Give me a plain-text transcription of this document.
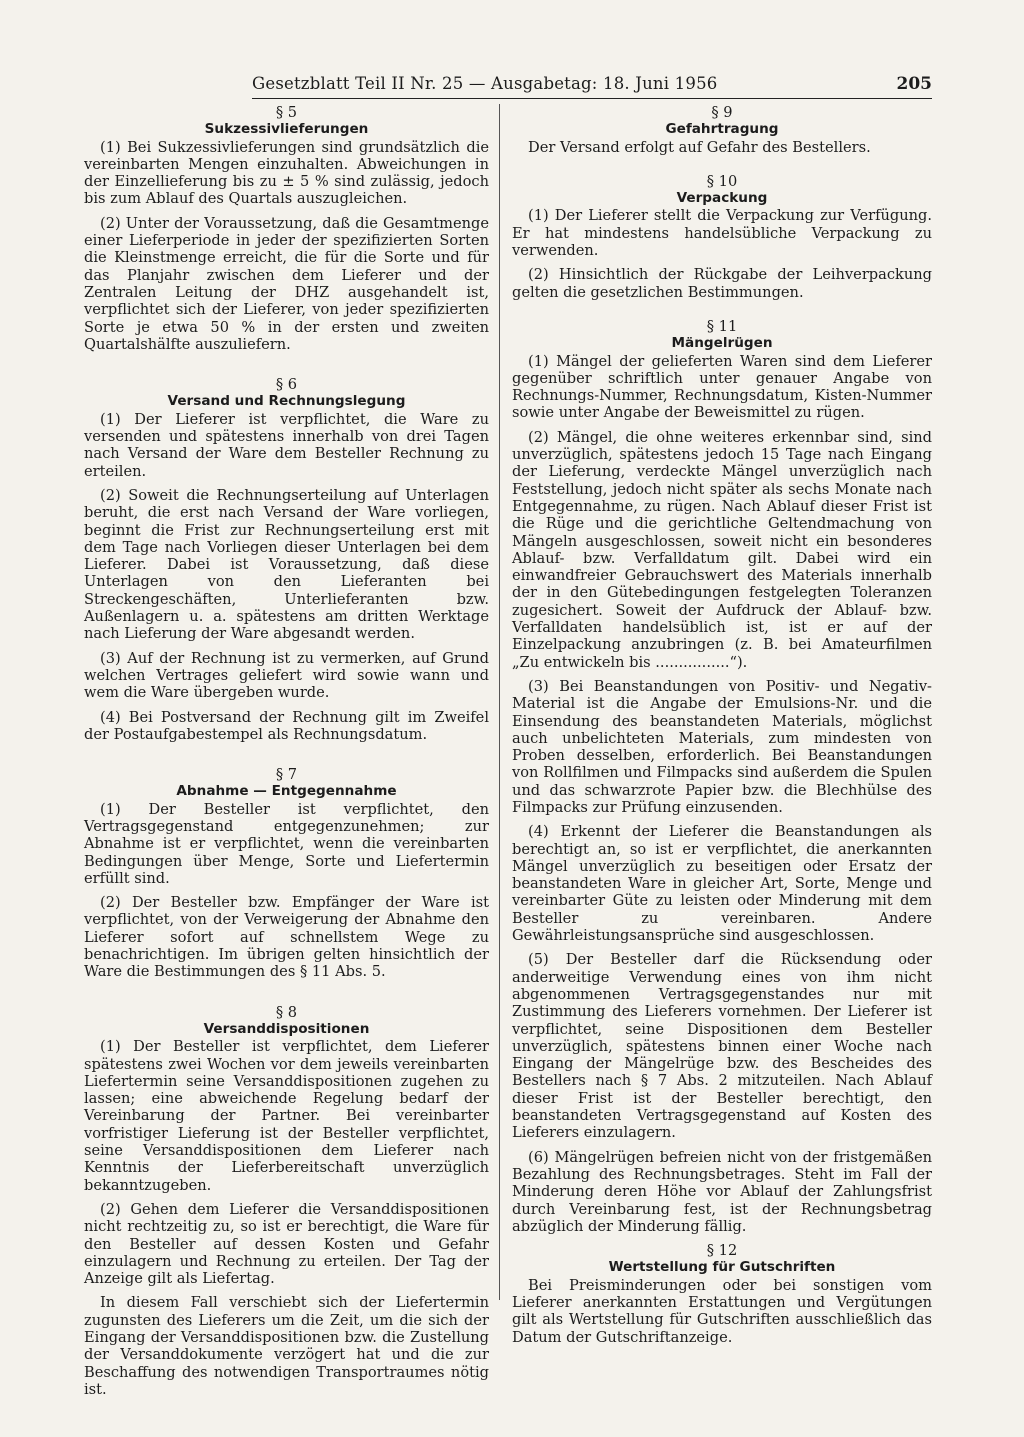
Gesetzblatt Teil II Nr. 25 — Ausgabetag: 18. Juni 1956	205

§ 5

Sukzessivlieferungen

(1) Bei Sukzessivlieferungen sind grundsätzlich die vereinbarten Mengen einzuhalten. Abweichungen in der Einzellieferung bis zu ± 5 % sind zulässig, jedoch bis zum Ablauf des Quartals auszugleichen.

(2) Unter der Voraussetzung, daß die Gesamtmenge einer Lieferperiode in jeder der spezifizierten Sorten die Kleinstmenge erreicht, die für die Sorte und für das Planjahr zwischen dem Lieferer und der Zentralen Leitung der DHZ ausgehandelt ist, verpflichtet sich der Lieferer, von jeder spezifizierten Sorte je etwa 50 % in der ersten und zweiten Quartalshälfte auszuliefern.

§ 6

Versand und Rechnungslegung

(1) Der Lieferer ist verpflichtet, die Ware zu versenden und spätestens innerhalb von drei Tagen nach Versand der Ware dem Besteller Rechnung zu erteilen.

(2) Soweit die Rechnungserteilung auf Unterlagen beruht, die erst nach Versand der Ware vorliegen, beginnt die Frist zur Rechnungserteilung erst mit dem Tage nach Vorliegen dieser Unterlagen bei dem Lieferer. Dabei ist Voraussetzung, daß diese Unterlagen von den Lieferanten bei Streckengeschäften, Unterlieferanten bzw. Außenlagern u. a. spätestens am dritten Werktage nach Lieferung der Ware abgesandt werden.

(3) Auf der Rechnung ist zu vermerken, auf Grund welchen Vertrages geliefert wird sowie wann und wem die Ware übergeben wurde.

(4) Bei Postversand der Rechnung gilt im Zweifel der Postaufgabestempel als Rechnungsdatum.

§ 7

Abnahme — Entgegennahme

(1) Der Besteller ist verpflichtet, den Vertragsgegenstand entgegenzunehmen; zur Abnahme ist er verpflichtet, wenn die vereinbarten Bedingungen über Menge, Sorte und Liefertermin erfüllt sind.

(2) Der Besteller bzw. Empfänger der Ware ist verpflichtet, von der Verweigerung der Abnahme den Lieferer sofort auf schnellstem Wege zu benachrichtigen. Im übrigen gelten hinsichtlich der Ware die Bestimmungen des § 11 Abs. 5.

§ 8

Versanddispositionen

(1) Der Besteller ist verpflichtet, dem Lieferer spätestens zwei Wochen vor dem jeweils vereinbarten Liefertermin seine Versanddispositionen zugehen zu lassen; eine abweichende Regelung bedarf der Vereinbarung der Partner. Bei vereinbarter vorfristiger Lieferung ist der Besteller verpflichtet, seine Versanddispositionen dem Lieferer nach Kenntnis der Lieferbereitschaft unverzüglich bekanntzugeben.

(2) Gehen dem Lieferer die Versanddispositionen nicht rechtzeitig zu, so ist er berechtigt, die Ware für den Besteller auf dessen Kosten und Gefahr einzulagern und Rechnung zu erteilen. Der Tag der Anzeige gilt als Liefertag.

In diesem Fall verschiebt sich der Liefertermin zugunsten des Lieferers um die Zeit, um die sich der Eingang der Versanddispositionen bzw. die Zustellung der Versanddokumente verzögert hat und die zur Beschaffung des notwendigen Transportraumes nötig ist.

§ 9

Gefahrtragung

Der Versand erfolgt auf Gefahr des Bestellers.

§ 10

Verpackung

(1) Der Lieferer stellt die Verpackung zur Verfügung. Er hat mindestens handelsübliche Verpackung zu verwenden.

(2) Hinsichtlich der Rückgabe der Leihverpackung gelten die gesetzlichen Bestimmungen.

§ 11

Mängelrügen

(1) Mängel der gelieferten Waren sind dem Lieferer gegenüber schriftlich unter genauer Angabe von Rechnungs-Nummer, Rechnungsdatum, Kisten-Nummer sowie unter Angabe der Beweismittel zu rügen.

(2) Mängel, die ohne weiteres erkennbar sind, sind unverzüglich, spätestens jedoch 15 Tage nach Eingang der Lieferung, verdeckte Mängel unverzüglich nach Feststellung, jedoch nicht später als sechs Monate nach Entgegennahme, zu rügen. Nach Ablauf dieser Frist ist die Rüge und die gerichtliche Geltendmachung von Mängeln ausgeschlossen, soweit nicht ein besonderes Ablauf- bzw. Verfalldatum gilt. Dabei wird ein einwandfreier Gebrauchswert des Materials innerhalb der in den Gütebedingungen festgelegten Toleranzen zugesichert. Soweit der Aufdruck der Ablauf- bzw. Verfalldaten handelsüblich ist, ist er auf der Einzelpackung anzubringen (z. B. bei Amateurfilmen „Zu entwickeln bis ................“).

(3) Bei Beanstandungen von Positiv- und Negativ-Material ist die Angabe der Emulsions-Nr. und die Einsendung des beanstandeten Materials, möglichst auch unbelichteten Materials, zum mindesten von Proben desselben, erforderlich. Bei Beanstandungen von Rollfilmen und Filmpacks sind außerdem die Spulen und das schwarzrote Papier bzw. die Blechhülse des Filmpacks zur Prüfung einzusenden.

(4) Erkennt der Lieferer die Beanstandungen als berechtigt an, so ist er verpflichtet, die anerkannten Mängel unverzüglich zu beseitigen oder Ersatz der beanstandeten Ware in gleicher Art, Sorte, Menge und vereinbarter Güte zu leisten oder Minderung mit dem Besteller zu vereinbaren. Andere Gewährleistungsansprüche sind ausgeschlossen.

(5) Der Besteller darf die Rücksendung oder anderweitige Verwendung eines von ihm nicht abgenommenen Vertragsgegenstandes nur mit Zustimmung des Lieferers vornehmen. Der Lieferer ist verpflichtet, seine Dispositionen dem Besteller unverzüglich, spätestens binnen einer Woche nach Eingang der Mängelrüge bzw. des Bescheides des Bestellers nach § 7 Abs. 2 mitzuteilen. Nach Ablauf dieser Frist ist der Besteller berechtigt, den beanstandeten Vertragsgegenstand auf Kosten des Lieferers einzulagern.

(6) Mängelrügen befreien nicht von der fristgemäßen Bezahlung des Rechnungsbetrages. Steht im Fall der Minderung deren Höhe vor Ablauf der Zahlungsfrist durch Vereinbarung fest, ist der Rechnungsbetrag abzüglich der Minderung fällig.

§ 12

Wertstellung für Gutschriften

Bei Preisminderungen oder bei sonstigen vom Lieferer anerkannten Erstattungen und Vergütungen gilt als Wertstellung für Gutschriften ausschließlich das Datum der Gutschriftanzeige.
